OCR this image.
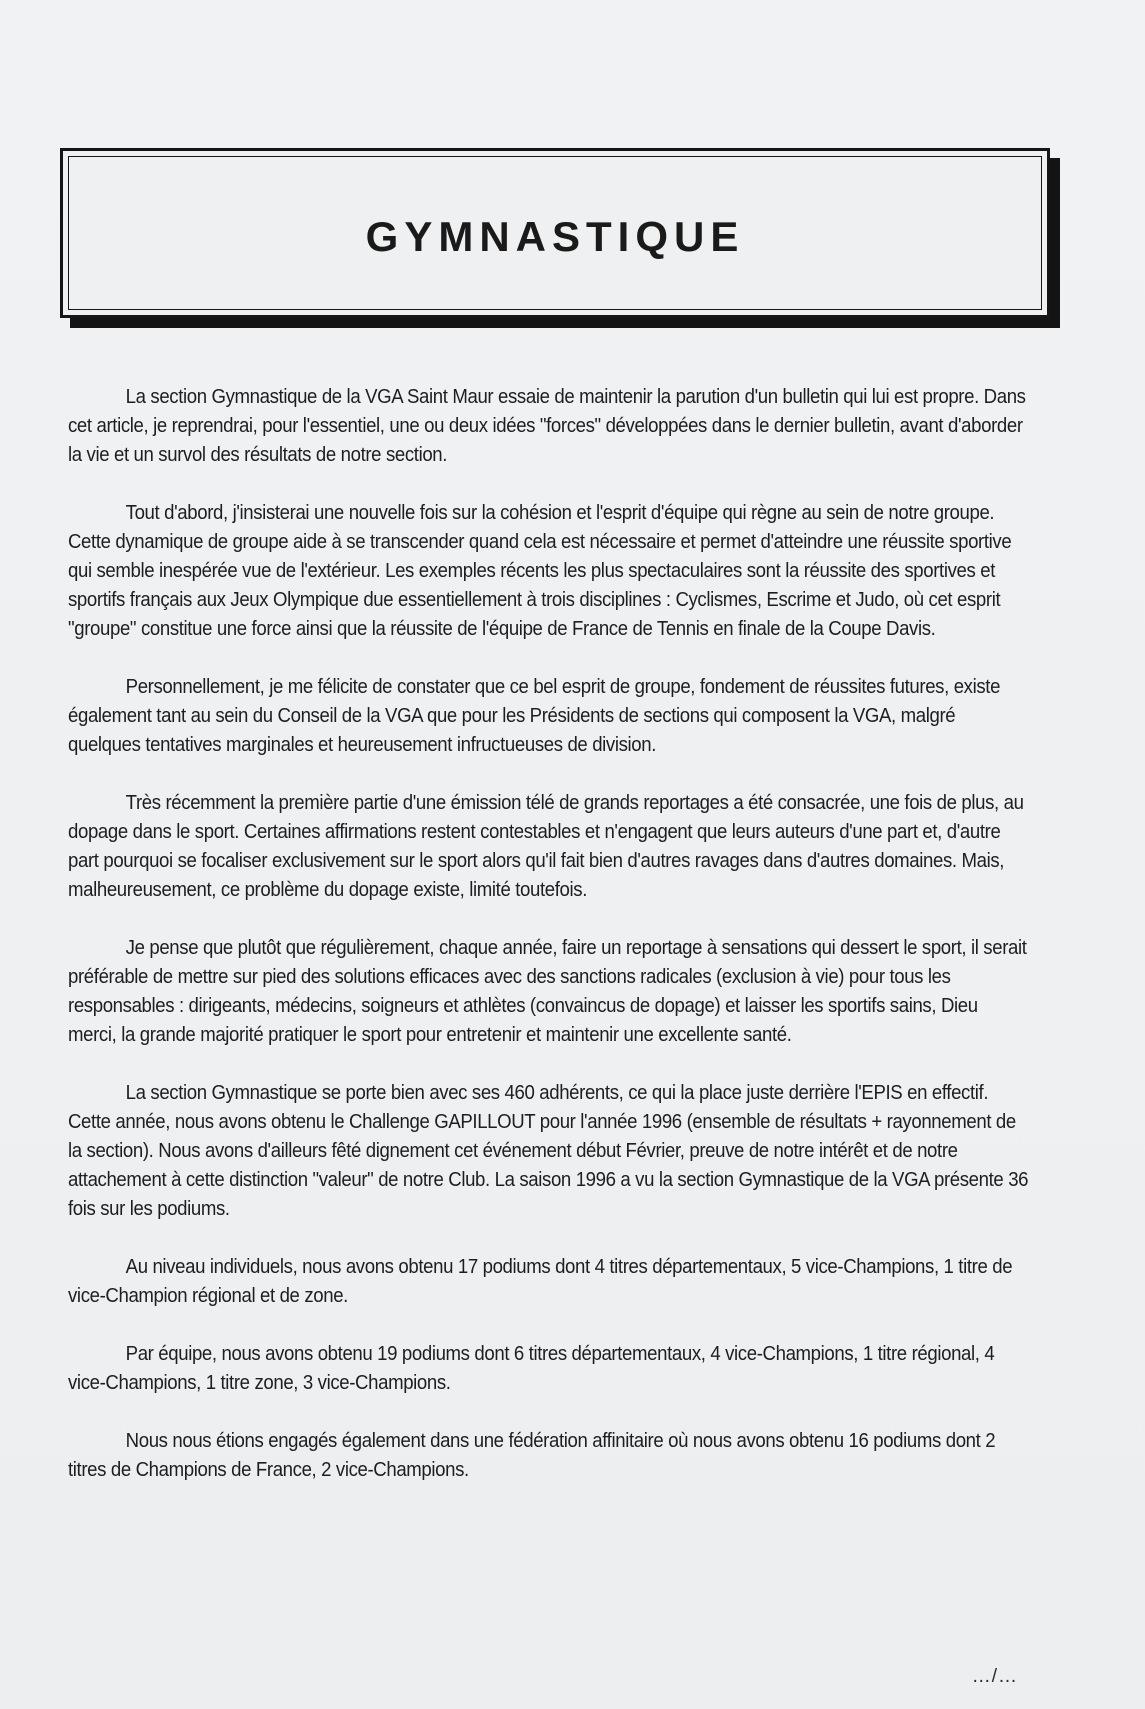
GYMNASTIQUE

La section Gymnastique de la VGA Saint Maur essaie de maintenir la parution d'un bulletin qui lui est propre. Dans cet article, je reprendrai, pour l'essentiel, une ou deux idées "forces" développées dans le dernier bulletin, avant d'aborder la vie et un survol des résultats de notre section.

Tout d'abord, j'insisterai une nouvelle fois sur la cohésion et l'esprit d'équipe qui règne au sein de notre groupe. Cette dynamique de groupe aide à se transcender quand cela est nécessaire et permet d'atteindre une réussite sportive qui semble inespérée vue de l'extérieur. Les exemples récents les plus spectaculaires sont la réussite des sportives et sportifs français aux Jeux Olympique due essentiellement à trois disciplines : Cyclismes, Escrime et Judo, où cet esprit "groupe" constitue une force ainsi que la réussite de l'équipe de France de Tennis en finale de la Coupe Davis.

Personnellement, je me félicite de constater que ce bel esprit de groupe, fondement de réussites futures, existe également tant au sein du Conseil de la VGA que pour les Présidents de sections qui composent la VGA, malgré quelques tentatives marginales et heureusement infructueuses de division.

Très récemment la première partie d'une émission télé de grands reportages a été consacrée, une fois de plus, au dopage dans le sport. Certaines affirmations restent contestables et n'engagent que leurs auteurs d'une part et, d'autre part pourquoi se focaliser exclusivement sur le sport alors qu'il fait bien d'autres ravages dans d'autres domaines. Mais, malheureusement, ce problème du dopage existe, limité toutefois.

Je pense que plutôt que régulièrement, chaque année, faire un reportage à sensations qui dessert le sport, il serait préférable de mettre sur pied des solutions efficaces avec des sanctions radicales (exclusion à vie) pour tous les responsables : dirigeants, médecins, soigneurs et athlètes (convaincus de dopage) et laisser les sportifs sains, Dieu merci, la grande majorité pratiquer le sport pour entretenir et maintenir une excellente santé.

La section Gymnastique se porte bien avec ses 460 adhérents, ce qui la place juste derrière l'EPIS en effectif. Cette année, nous avons obtenu le Challenge GAPILLOUT pour l'année 1996 (ensemble de résultats + rayonnement de la section). Nous avons d'ailleurs fêté dignement cet événement début Février, preuve de notre intérêt et de notre attachement à cette distinction "valeur" de notre Club. La saison 1996 a vu la section Gymnastique de la VGA présente 36 fois sur les podiums.

Au niveau individuels, nous avons obtenu 17 podiums dont 4 titres départementaux, 5 vice-Champions, 1 titre de vice-Champion régional et de zone.

Par équipe, nous avons obtenu 19 podiums dont 6 titres départementaux, 4 vice-Champions, 1 titre régional, 4 vice-Champions, 1 titre zone, 3 vice-Champions.

Nous nous étions engagés également dans une fédération affinitaire où nous avons obtenu 16 podiums dont 2 titres de Champions de France, 2 vice-Champions.

…/…
